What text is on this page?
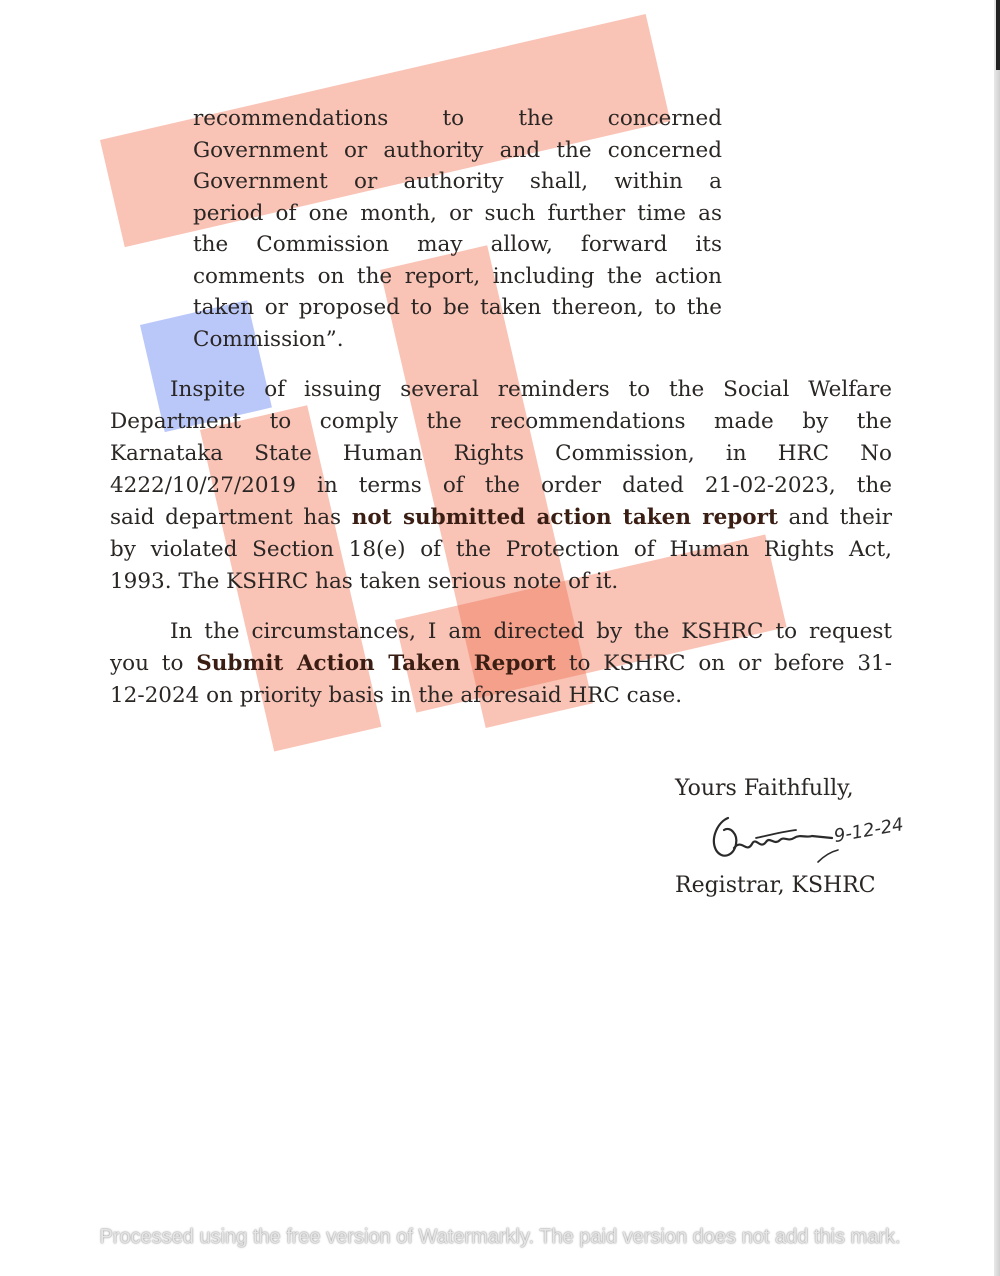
recommendations to the concerned
Government or authority and the concerned
Government or authority shall, within a
period of one month, or such further time as
the Commission may allow, forward its
comments on the report, including the action
taken or proposed to be taken thereon, to the
Commission”.
Inspite of issuing several reminders to the Social Welfare
Department to comply the recommendations made by the
Karnataka State Human Rights Commission, in HRC No
4222/10/27/2019 in terms of the order dated 21-02-2023, the
said department has not submitted action taken report and their
by violated Section 18(e) of the Protection of Human Rights Act,
1993. The KSHRC has taken serious note of it.
In the circumstances, I am directed by the KSHRC to request
you to Submit Action Taken Report to KSHRC on or before 31-
12-2024 on priority basis in the aforesaid HRC case.
Yours Faithfully,
9-12-24
Registrar, KSHRC
Processed using the free version of Watermarkly. The paid version does not add this mark.
